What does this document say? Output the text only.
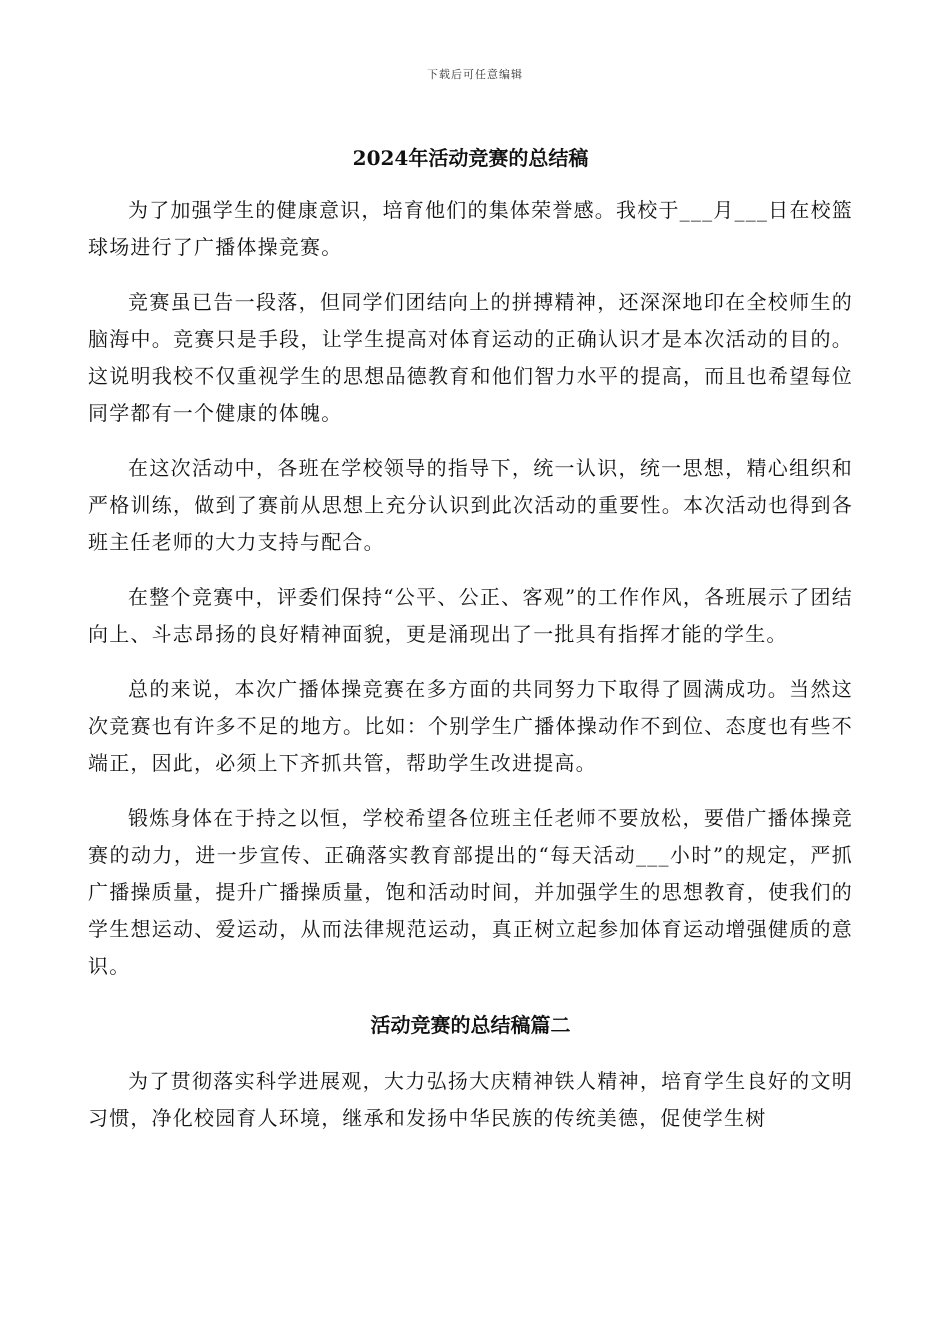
下载后可任意编辑
2024年活动竞赛的总结稿

为了加强学生的健康意识，培育他们的集体荣誉感。我校于___月___日在校篮球场进行了广播体操竞赛。

竞赛虽已告一段落，但同学们团结向上的拼搏精神，还深深地印在全校师生的脑海中。竞赛只是手段，让学生提高对体育运动的正确认识才是本次活动的目的。这说明我校不仅重视学生的思想品德教育和他们智力水平的提高，而且也希望每位同学都有一个健康的体魄。

在这次活动中，各班在学校领导的指导下，统一认识，统一思想，精心组织和严格训练，做到了赛前从思想上充分认识到此次活动的重要性。本次活动也得到各班主任老师的大力支持与配合。

在整个竞赛中，评委们保持“公平、公正、客观”的工作作风，各班展示了团结向上、斗志昂扬的良好精神面貌，更是涌现出了一批具有指挥才能的学生。

总的来说，本次广播体操竞赛在多方面的共同努力下取得了圆满成功。当然这次竞赛也有许多不足的地方。比如：个别学生广播体操动作不到位、态度也有些不端正，因此，必须上下齐抓共管，帮助学生改进提高。

锻炼身体在于持之以恒，学校希望各位班主任老师不要放松，要借广播体操竞赛的动力，进一步宣传、正确落实教育部提出的“每天活动___小时”的规定，严抓广播操质量，提升广播操质量，饱和活动时间，并加强学生的思想教育，使我们的学生想运动、爱运动，从而法律规范运动，真正树立起参加体育运动增强健质的意识。

活动竞赛的总结稿篇二

为了贯彻落实科学进展观，大力弘扬大庆精神铁人精神，培育学生良好的文明习惯，净化校园育人环境，继承和发扬中华民族的传统美德，促使学生树
